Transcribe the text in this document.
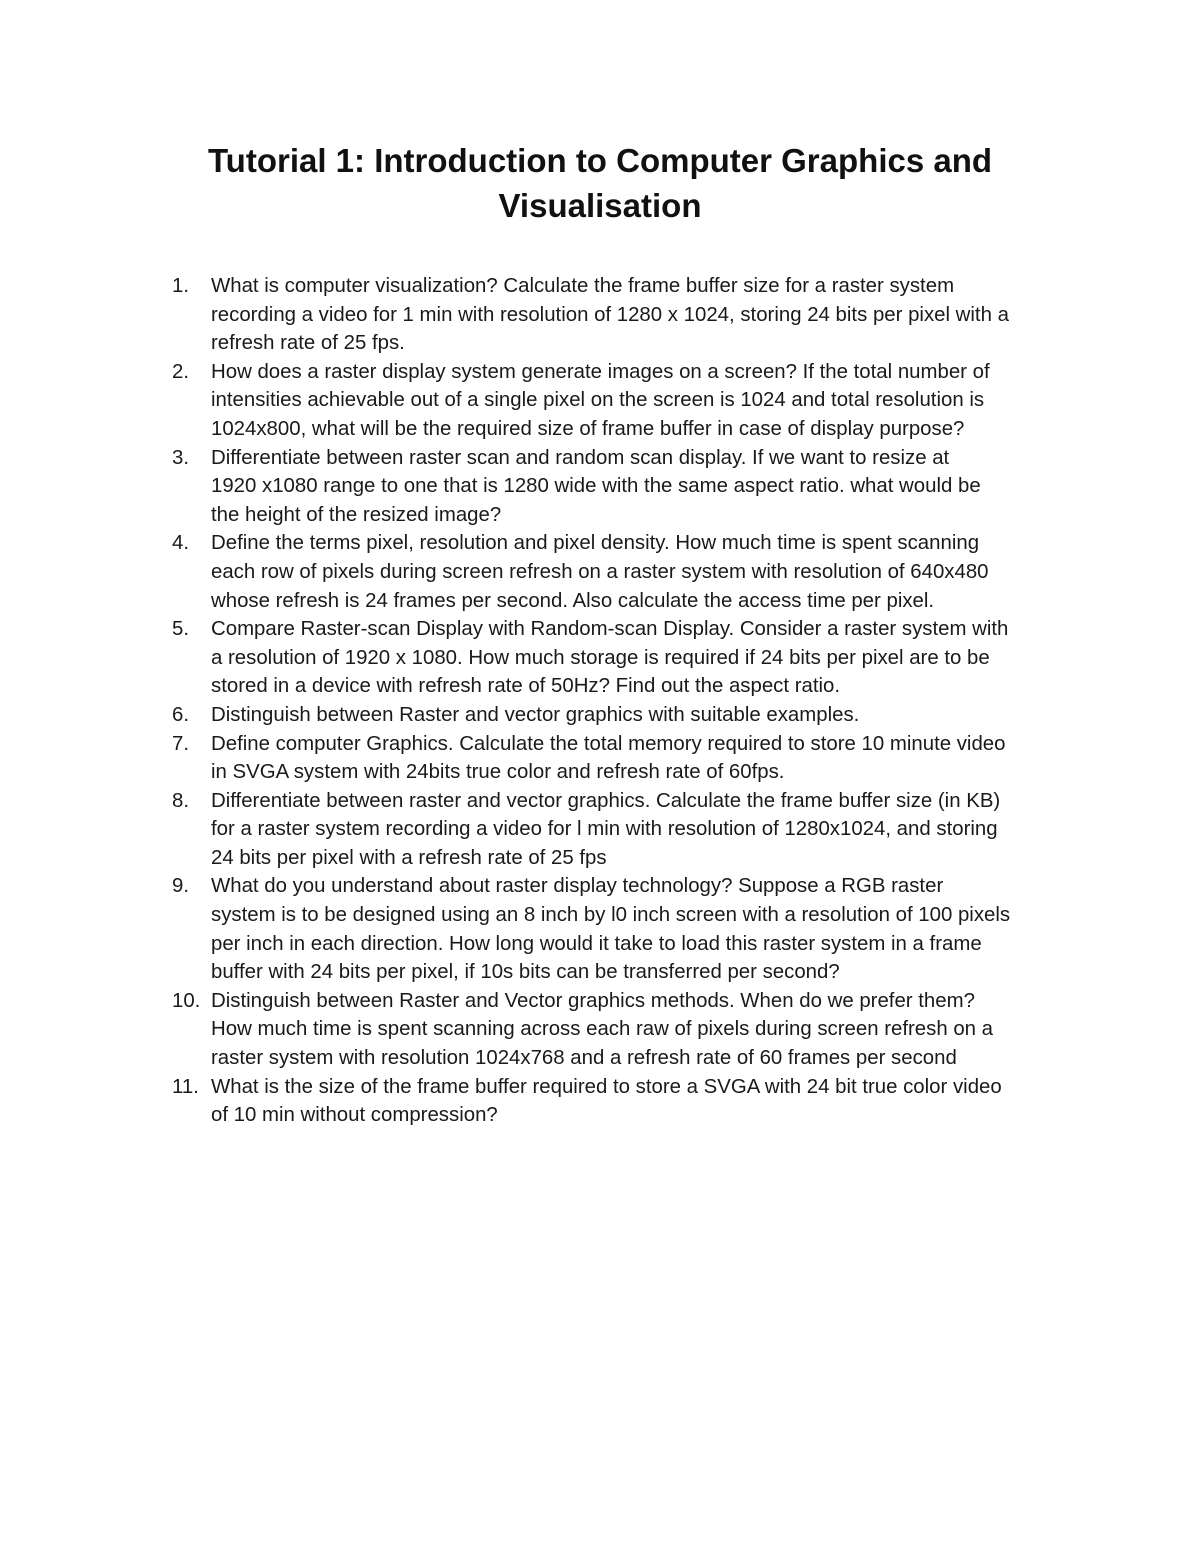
Tutorial 1: Introduction to Computer Graphics and
Visualisation
1. What is computer visualization? Calculate the frame buffer size for a raster system
recording a video for 1 min with resolution of 1280 x 1024, storing 24 bits per pixel with a
refresh rate of 25 fps.
2. How does a raster display system generate images on a screen? If the total number of
intensities achievable out of a single pixel on the screen is 1024 and total resolution is
1024x800, what will be the required size of frame buffer in case of display purpose?
3. Differentiate between raster scan and random scan display. If we want to resize at
1920 x1080 range to one that is 1280 wide with the same aspect ratio. what would be
the height of the resized image?
4. Define the terms pixel, resolution and pixel density. How much time is spent scanning
each row of pixels during screen refresh on a raster system with resolution of 640x480
whose refresh is 24 frames per second. Also calculate the access time per pixel.
5. Compare Raster-scan Display with Random-scan Display. Consider a raster system with
a resolution of 1920 x 1080. How much storage is required if 24 bits per pixel are to be
stored in a device with refresh rate of 50Hz? Find out the aspect ratio.
6. Distinguish between Raster and vector graphics with suitable examples.
7. Define computer Graphics. Calculate the total memory required to store 10 minute video
in SVGA system with 24bits true color and refresh rate of 60fps.
8. Differentiate between raster and vector graphics. Calculate the frame buffer size (in KB)
for a raster system recording a video for l min with resolution of 1280x1024, and storing
24 bits per pixel with a refresh rate of 25 fps
9. What do you understand about raster display technology? Suppose a RGB raster
system is to be designed using an 8 inch by l0 inch screen with a resolution of 100 pixels
per inch in each direction. How long would it take to load this raster system in a frame
buffer with 24 bits per pixel, if 10s bits can be transferred per second?
10. Distinguish between Raster and Vector graphics methods. When do we prefer them?
How much time is spent scanning across each raw of pixels during screen refresh on a
raster system with resolution 1024x768 and a refresh rate of 60 frames per second
11. What is the size of the frame buffer required to store a SVGA with 24 bit true color video
of 10 min without compression?
